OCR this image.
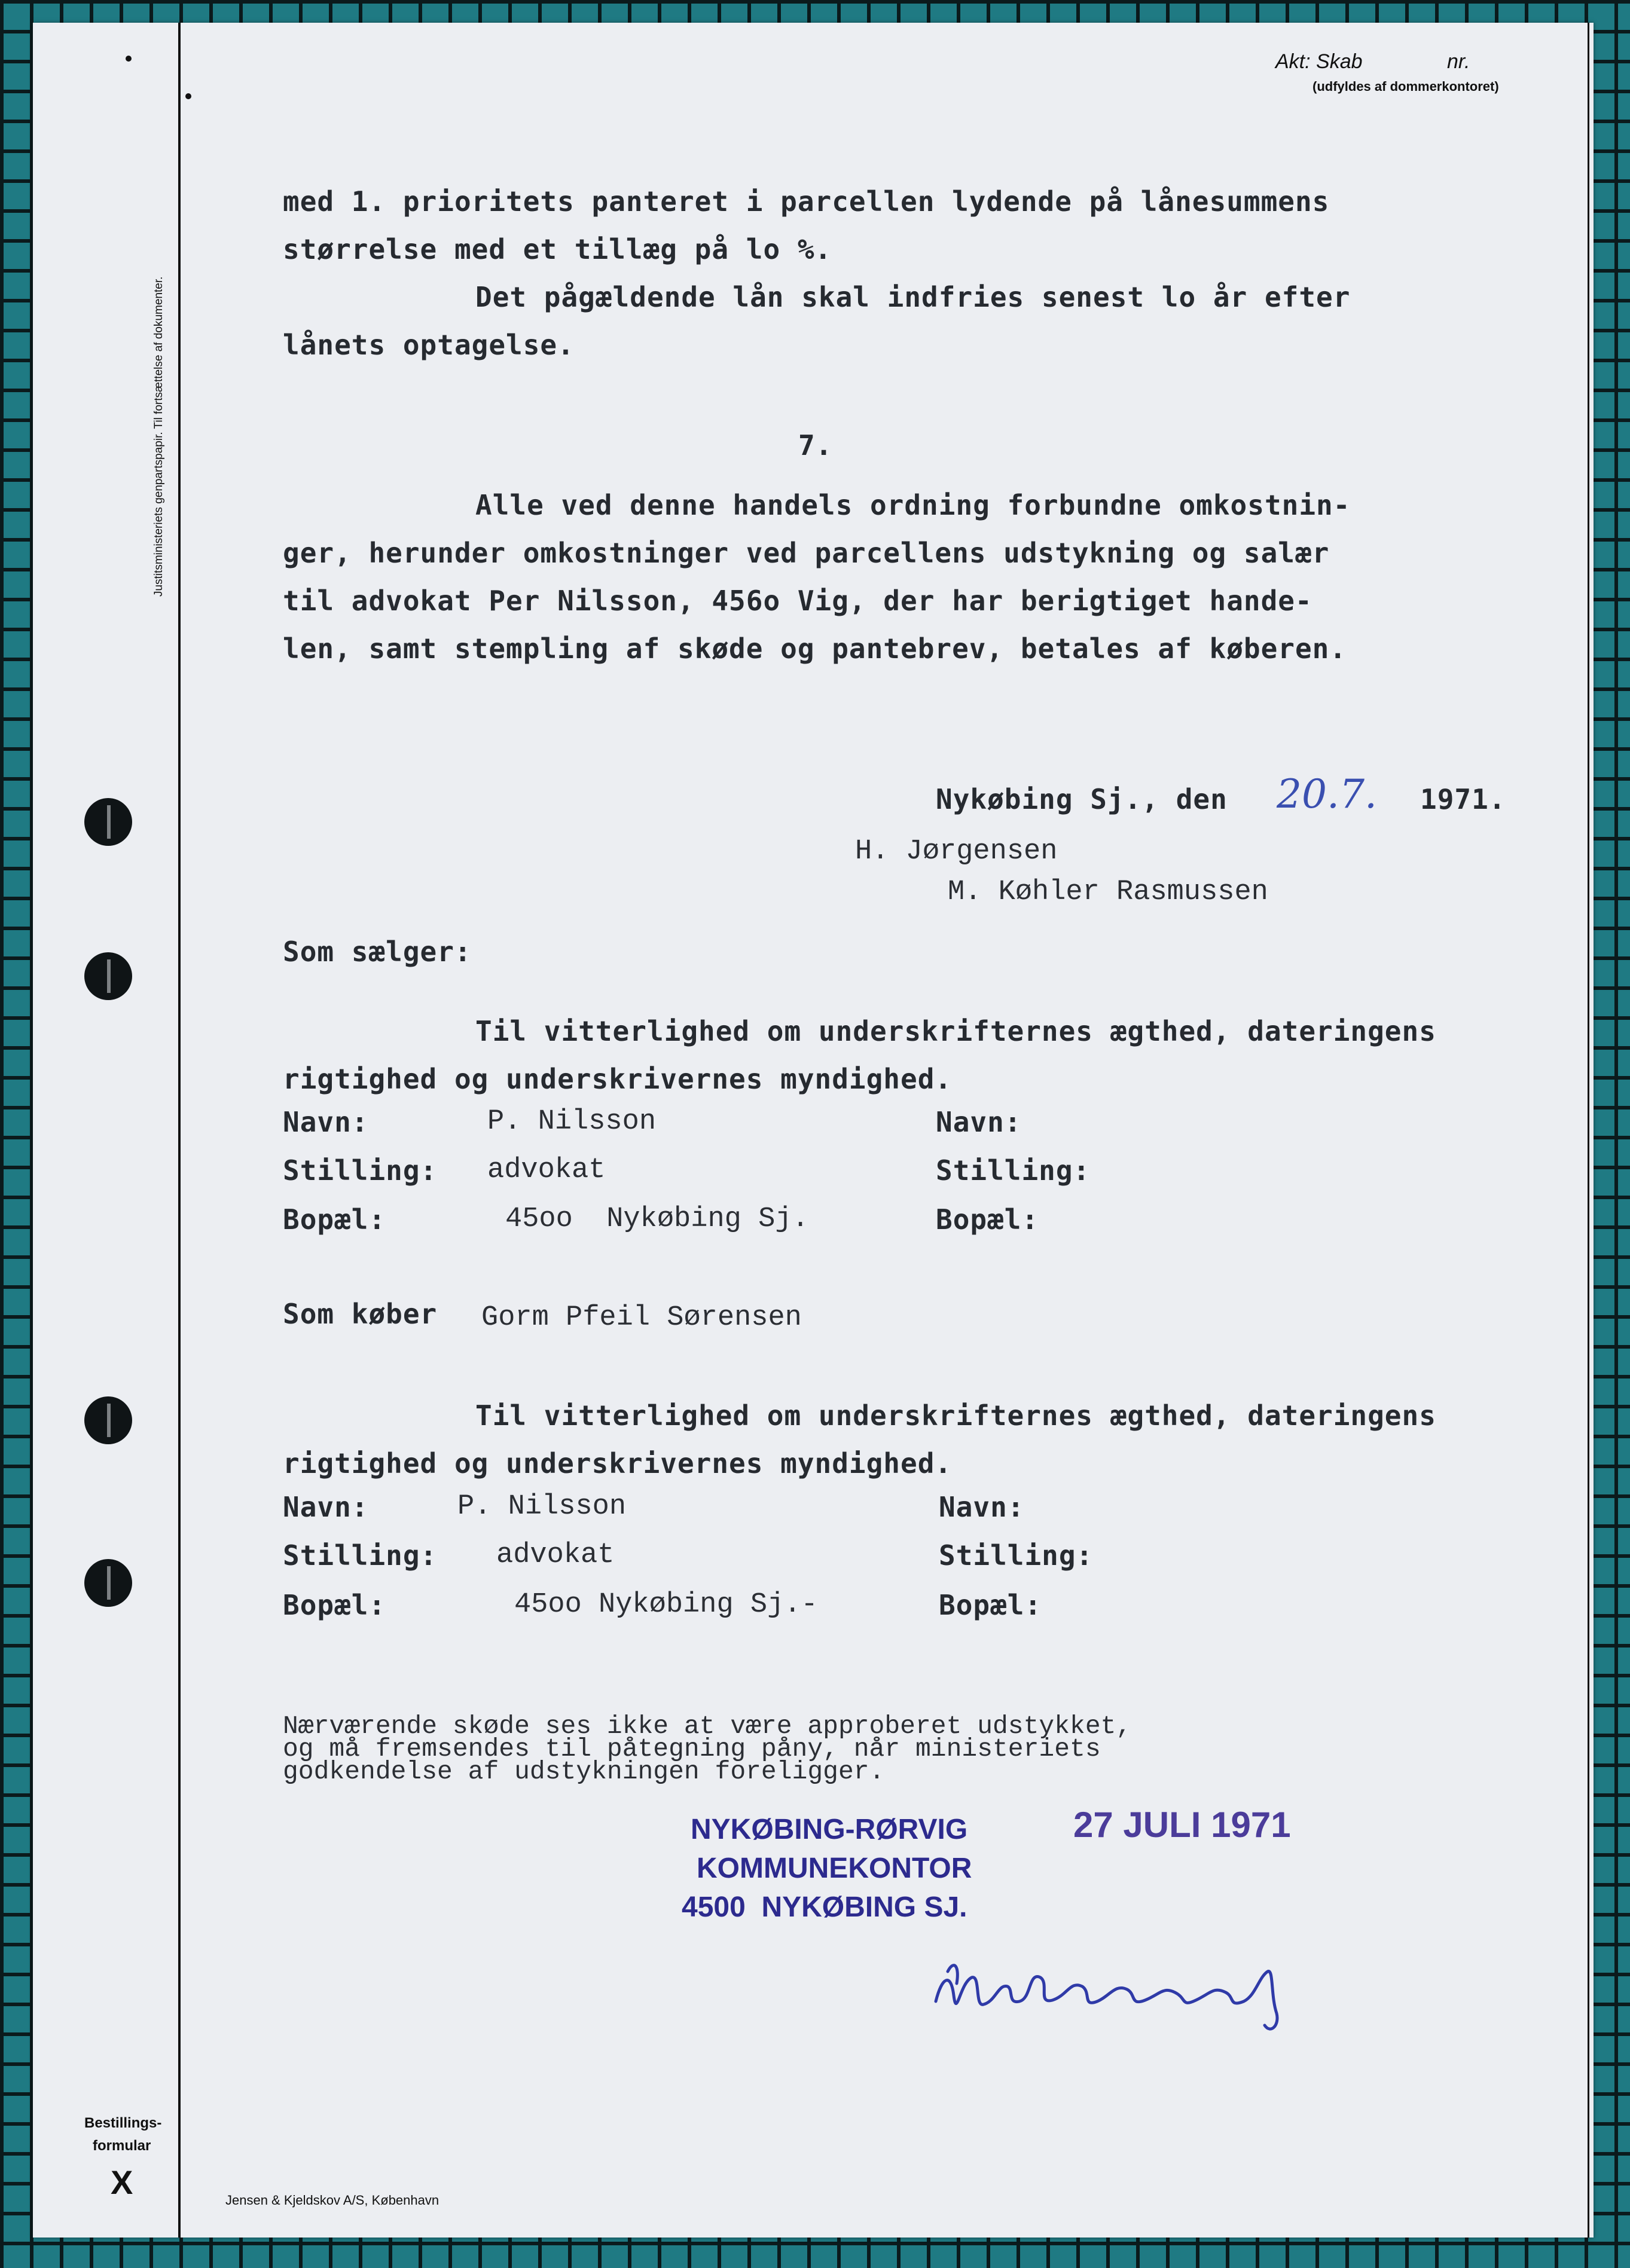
Justitsministeriets genpartspapir. Til fortsættelse af dokumenter.
Akt: Skab	nr.
(udfyldes af dommerkontoret)
med 1. prioritets panteret i parcellen lydende på lånesummens
størrelse med et tillæg på lo %.
Det pågældende lån skal indfries senest lo år efter
lånets optagelse.
7.
Alle ved denne handels ordning forbundne omkostnin-
ger, herunder omkostninger ved parcellens udstykning og salær
til advokat Per Nilsson, 456o Vig, der har berigtiget hande-
len, samt stempling af skøde og pantebrev, betales af køberen.
Nykøbing Sj., den 20.7. 1971.
H. Jørgensen
M. Køhler Rasmussen
Som sælger:
Til vitterlighed om underskrifternes ægthed, dateringens
rigtighed og underskrivernes myndighed.
Navn:	P. Nilsson	Navn:
Stilling: advokat	Stilling:
Bopæl:	45oo  Nykøbing Sj.	Bopæl:
Som køber Gorm Pfeil Sørensen
Til vitterlighed om underskrifternes ægthed, dateringens
rigtighed og underskrivernes myndighed.
Navn:	P. Nilsson	Navn:
Stilling: advokat	Stilling:
Bopæl:	45oo Nykøbing Sj.-	Bopæl:
Nærværende skøde ses ikke at være approberet udstykket,
og må fremsendes til påtegning påny, når ministeriets
godkendelse af udstykningen foreligger.
NYKØBING-RØRVIG
KOMMUNEKONTOR
4500  NYKØBING SJ.
27 JULI 1971
Bestillings-
formular
X	Jensen & Kjeldskov A/S, København
